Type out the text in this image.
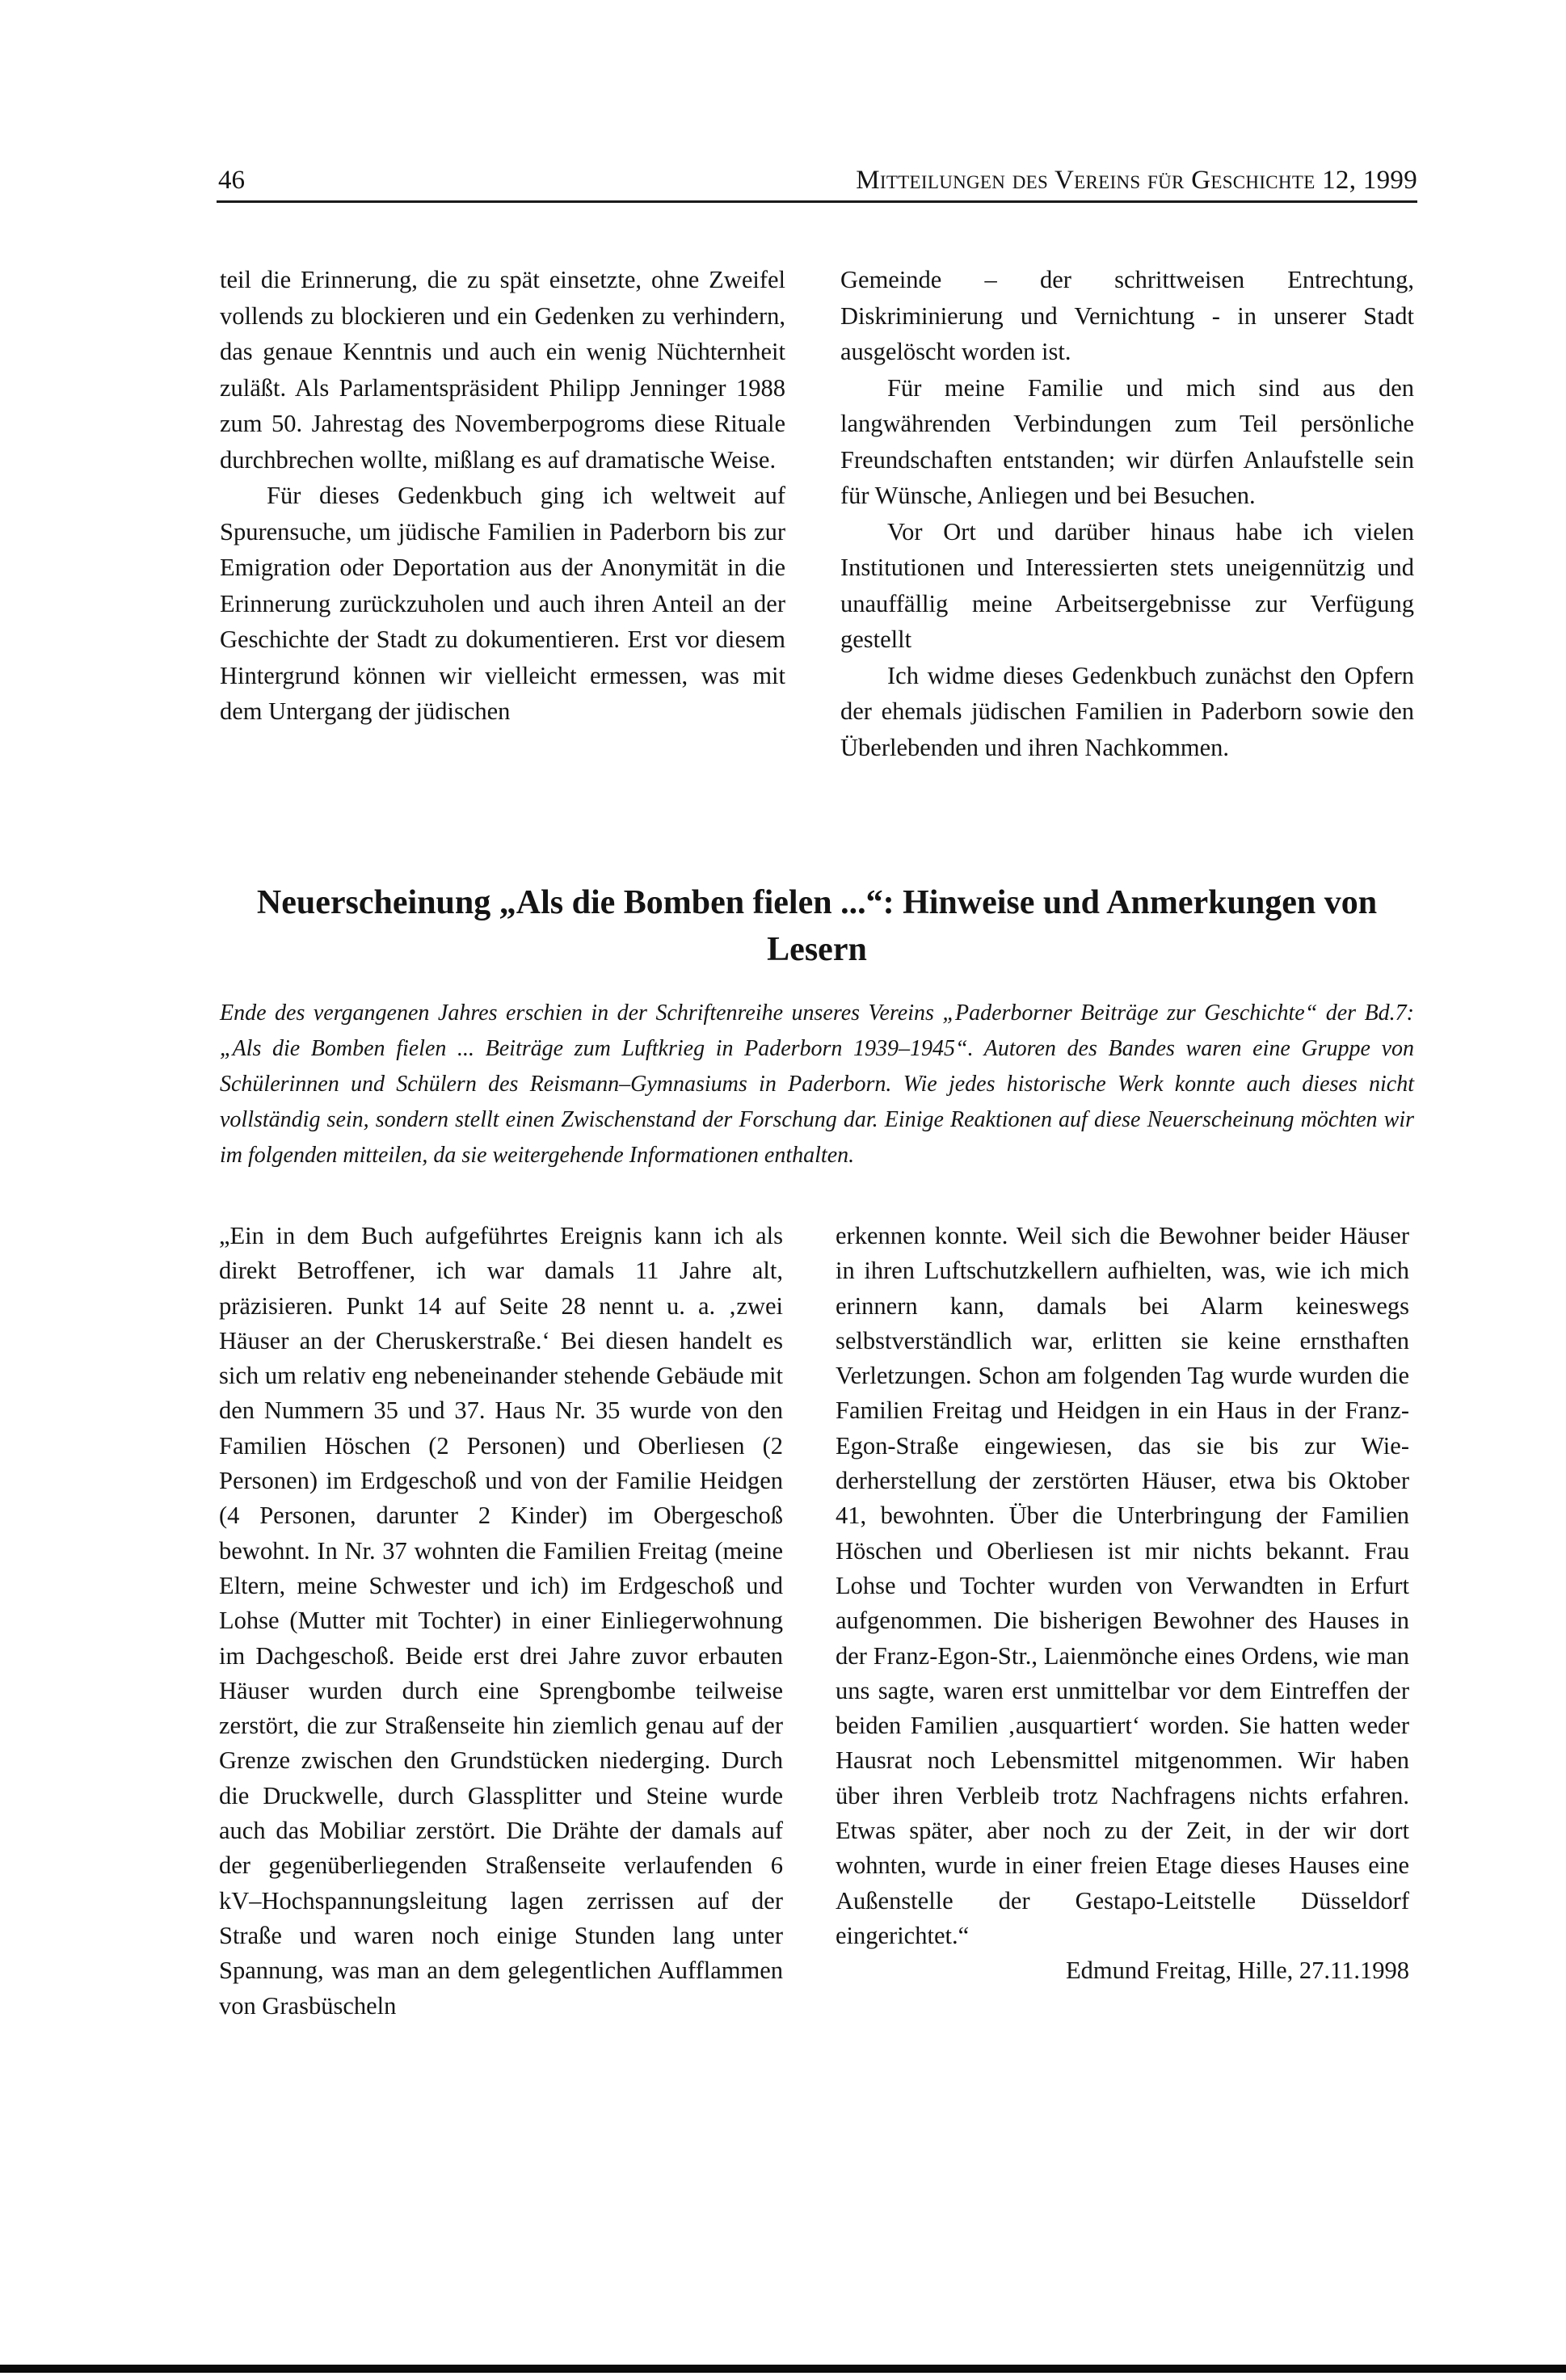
46	Mitteilungen des Vereins für Geschichte 12, 1999

teil die Erinnerung, die zu spät einsetzte, ohne Zweifel vollends zu blockieren und ein Gedenken zu verhindern, das genaue Kenntnis und auch ein wenig Nüchternheit zuläßt. Als Parlamentspräsident Philipp Jenninger 1988 zum 50. Jahrestag des Novemberpogroms diese Rituale durchbrechen wollte, mißlang es auf dramatische Weise.

Für dieses Gedenkbuch ging ich weltweit auf Spurensuche, um jüdische Familien in Paderborn bis zur Emigration oder Deportation aus der Anonymität in die Erinnerung zurückzuholen und auch ihren Anteil an der Geschichte der Stadt zu dokumentieren. Erst vor diesem Hintergrund können wir vielleicht ermessen, was mit dem Untergang der jüdischen

Gemeinde – der schrittweisen Entrechtung, Diskriminierung und Vernichtung - in unserer Stadt ausgelöscht worden ist.

Für meine Familie und mich sind aus den langwährenden Verbindungen zum Teil persönliche Freundschaften entstanden; wir dürfen Anlaufstelle sein für Wünsche, Anliegen und bei Besuchen.

Vor Ort und darüber hinaus habe ich vielen Institutionen und Interessierten stets uneigennützig und unauffällig meine Arbeitsergebnisse zur Verfügung gestellt

Ich widme dieses Gedenkbuch zunächst den Opfern der ehemals jüdischen Familien in Paderborn sowie den Überlebenden und ihren Nachkommen.

Neuerscheinung „Als die Bomben fielen ...“: Hinweise und Anmerkungen von Lesern

Ende des vergangenen Jahres erschien in der Schriftenreihe unseres Vereins „Paderborner Beiträge zur Geschichte“ der Bd.7: „Als die Bomben fielen ... Beiträge zum Luftkrieg in Paderborn 1939–1945“. Autoren des Bandes waren eine Gruppe von Schülerinnen und Schülern des Reismann–Gymnasiums in Paderborn. Wie jedes historische Werk konnte auch dieses nicht vollständig sein, sondern stellt einen Zwischenstand der Forschung dar. Einige Reaktionen auf diese Neuerscheinung möchten wir im folgenden mitteilen, da sie weitergehende Informationen enthalten.

„Ein in dem Buch aufgeführtes Ereignis kann ich als direkt Betroffener, ich war damals 11 Jahre alt, präzisieren. Punkt 14 auf Seite 28 nennt u. a. ‚zwei Häuser an der Cheruskerstraße.‘ Bei diesen handelt es sich um relativ eng nebeneinander stehende Gebäude mit den Nummern 35 und 37. Haus Nr. 35 wurde von den Familien Höschen (2 Personen) und Oberliesen (2 Personen) im Erdgeschoß und von der Familie Heidgen (4 Personen, darunter 2 Kinder) im Obergeschoß bewohnt. In Nr. 37 wohnten die Familien Freitag (meine Eltern, meine Schwester und ich) im Erdgeschoß und Lohse (Mutter mit Tochter) in einer Einliegerwohnung im Dachgeschoß. Beide erst drei Jahre zuvor erbauten Häuser wurden durch eine Sprengbombe teilweise zerstört, die zur Straßenseite hin ziemlich genau auf der Grenze zwischen den Grundstücken niederging. Durch die Druckwelle, durch Glassplitter und Steine wurde auch das Mobiliar zerstört. Die Drähte der damals auf der gegenüberliegenden Straßenseite verlaufenden 6 kV–Hochspannungsleitung lagen zerrissen auf der Straße und waren noch einige Stunden lang unter Spannung, was man an dem gelegentlichen Aufflammen von Grasbüscheln

erkennen konnte. Weil sich die Bewohner beider Häuser in ihren Luftschutzkellern aufhielten, was, wie ich mich erinnern kann, damals bei Alarm keineswegs selbstverständlich war, erlitten sie keine ernsthaften Verletzungen. Schon am folgenden Tag wurde wurden die Familien Freitag und Heidgen in ein Haus in der Franz-Egon-Straße eingewiesen, das sie bis zur Wiederherstellung der zerstörten Häuser, etwa bis Oktober 41, bewohnten. Über die Unterbringung der Familien Höschen und Oberliesen ist mir nichts bekannt. Frau Lohse und Tochter wurden von Verwandten in Erfurt aufgenommen. Die bisherigen Bewohner des Hauses in der Franz-Egon-Str., Laienmönche eines Ordens, wie man uns sagte, waren erst unmittelbar vor dem Eintreffen der beiden Familien ‚ausquartiert‘ worden. Sie hatten weder Hausrat noch Lebensmittel mitgenommen. Wir haben über ihren Verbleib trotz Nachfragens nichts erfahren. Etwas später, aber noch zu der Zeit, in der wir dort wohnten, wurde in einer freien Etage dieses Hauses eine Außenstelle der Gestapo-Leitstelle Düsseldorf eingerichtet.“

Edmund Freitag, Hille, 27.11.1998
